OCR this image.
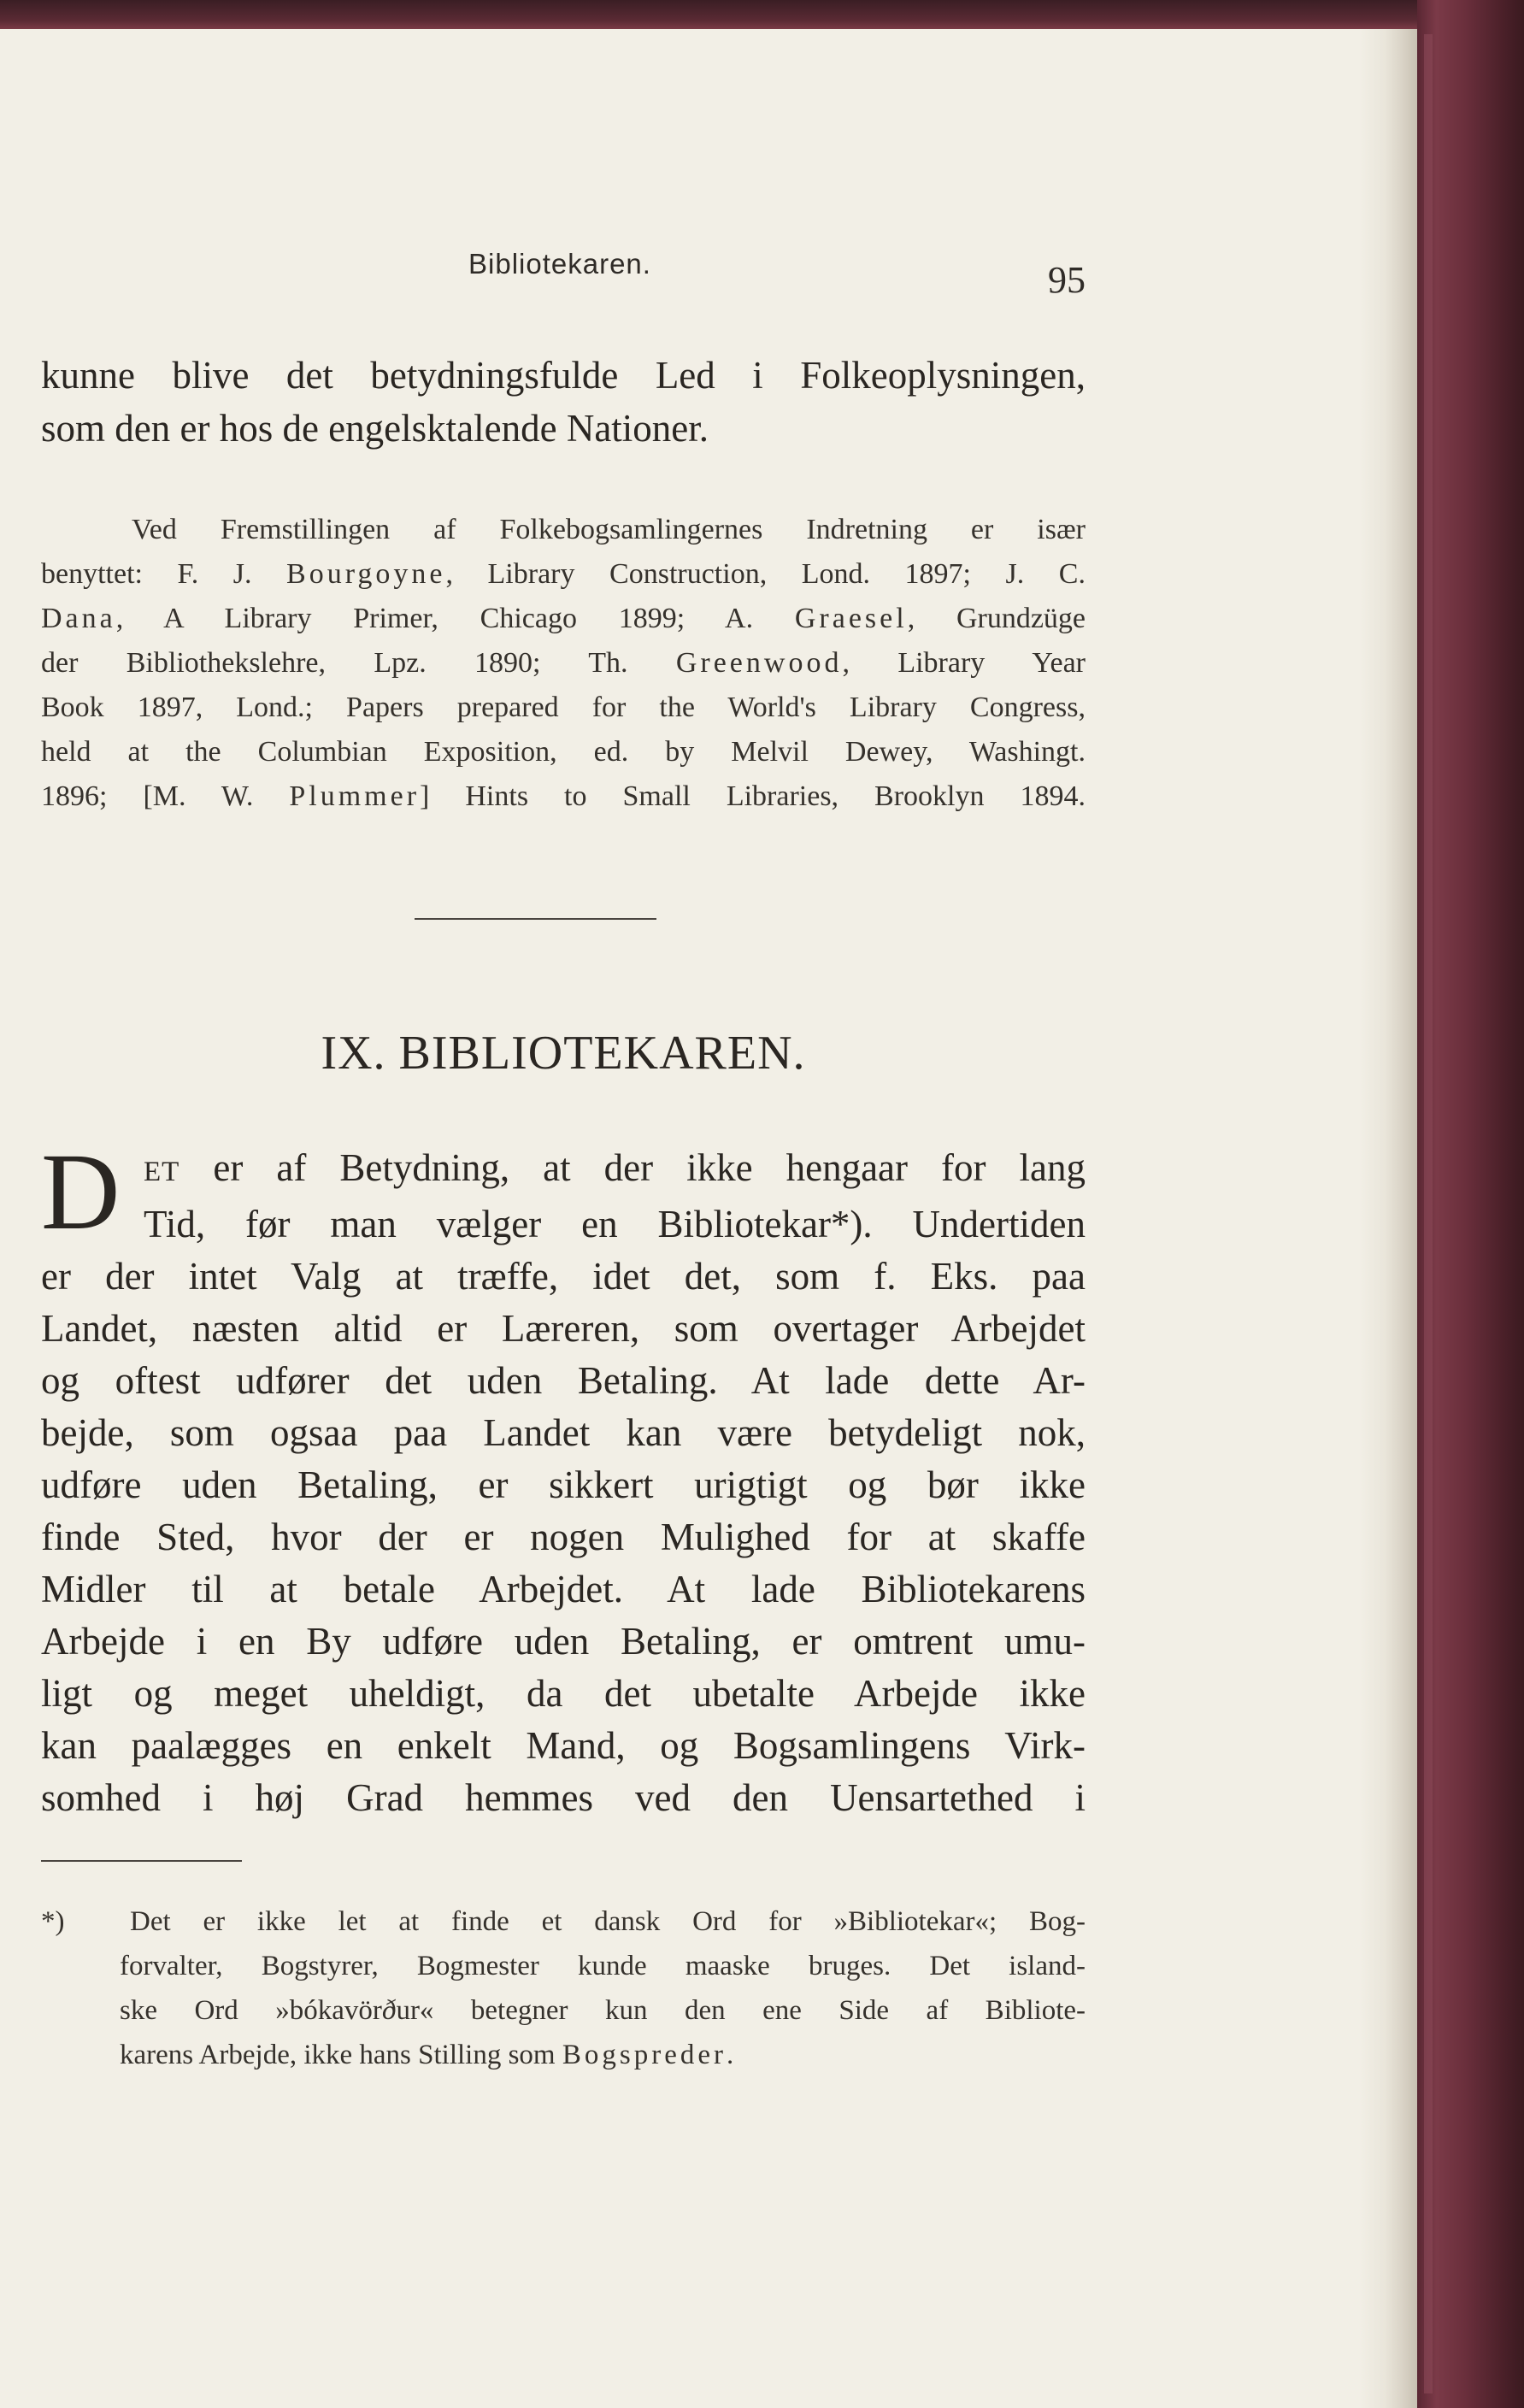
Bibliotekaren.	95
kunne blive det betydningsfulde Led i Folkeoplysningen,
som den er hos de engelsktalende Nationer.
Ved Fremstillingen af Folkebogsamlingernes Indretning er især
benyttet: F. J. Bourgoyne, Library Construction, Lond. 1897; J. C.
Dana, A Library Primer, Chicago 1899; A. Graesel, Grundzüge
der Bibliothekslehre, Lpz. 1890; Th. Greenwood, Library Year
Book 1897, Lond.; Papers prepared for the World's Library Congress,
held at the Columbian Exposition, ed. by Melvil Dewey, Washingt.
1896; [M. W. Plummer] Hints to Small Libraries, Brooklyn 1894.
IX. BIBLIOTEKAREN.
D ET er af Betydning, at der ikke hengaar for lang
Tid, før man vælger en Bibliotekar*). Undertiden
er der intet Valg at træffe, idet det, som f. Eks. paa
Landet, næsten altid er Læreren, som overtager Arbejdet
og oftest udfører det uden Betaling. At lade dette Ar-
bejde, som ogsaa paa Landet kan være betydeligt nok,
udføre uden Betaling, er sikkert urigtigt og bør ikke
finde Sted, hvor der er nogen Mulighed for at skaffe
Midler til at betale Arbejdet. At lade Bibliotekarens
Arbejde i en By udføre uden Betaling, er omtrent umu-
ligt og meget uheldigt, da det ubetalte Arbejde ikke
kan paalægges en enkelt Mand, og Bogsamlingens Virk-
somhed i høj Grad hemmes ved den Uensartethed i
*) Det er ikke let at finde et dansk Ord for »Bibliotekar«; Bog-
forvalter, Bogstyrer, Bogmester kunde maaske bruges. Det island-
ske Ord »bókavörður« betegner kun den ene Side af Bibliote-
karens Arbejde, ikke hans Stilling som Bogspreder.
